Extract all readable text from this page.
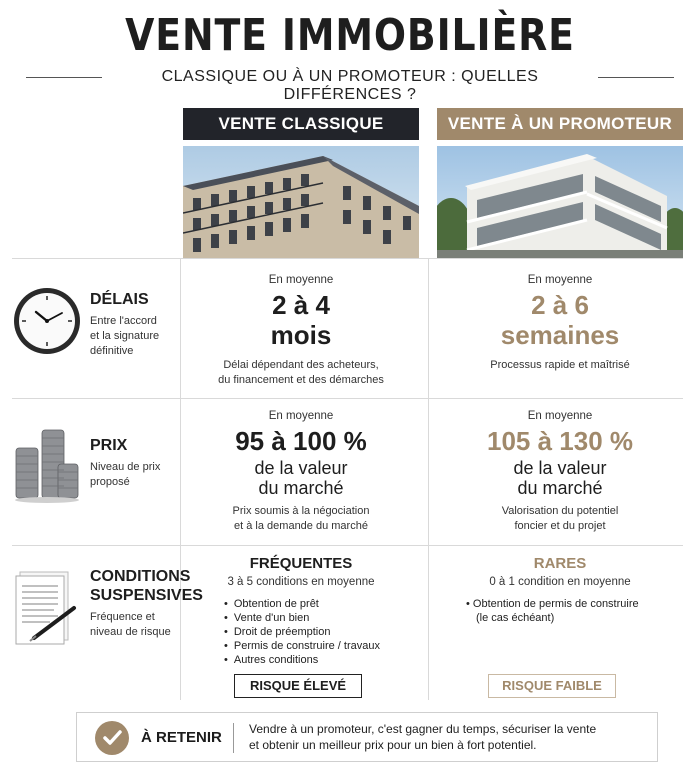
VENTE IMMOBILIÈRE
CLASSIQUE OU À UN PROMOTEUR : QUELLES DIFFÉRENCES ?
VENTE CLASSIQUE	VENTE À UN PROMOTEUR
DÉLAIS
Entre l'accord
et la signature
définitive
En moyenne
2 à 4
mois
Délai dépendant des acheteurs,
du financement et des démarches
En moyenne
2 à 6
semaines
Processus rapide et maîtrisé
PRIX
Niveau de prix
proposé
En moyenne
95 à 100 %
de la valeur
du marché
Prix soumis à la négociation
et à la demande du marché
En moyenne
105 à 130 %
de la valeur
du marché
Valorisation du potentiel
foncier et du projet
CONDITIONS
SUSPENSIVES
Fréquence et
niveau de risque
FRÉQUENTES
3 à 5 conditions en moyenne
• Obtention de prêt
• Vente d'un bien
• Droit de préemption
• Permis de construire / travaux
• Autres conditions
RISQUE ÉLEVÉ
RARES
0 à 1 condition en moyenne
• Obtention de permis de construire
(le cas échéant)
RISQUE FAIBLE
À RETENIR Vendre à un promoteur, c'est gagner du temps, sécuriser la vente
et obtenir un meilleur prix pour un bien à fort potentiel.
